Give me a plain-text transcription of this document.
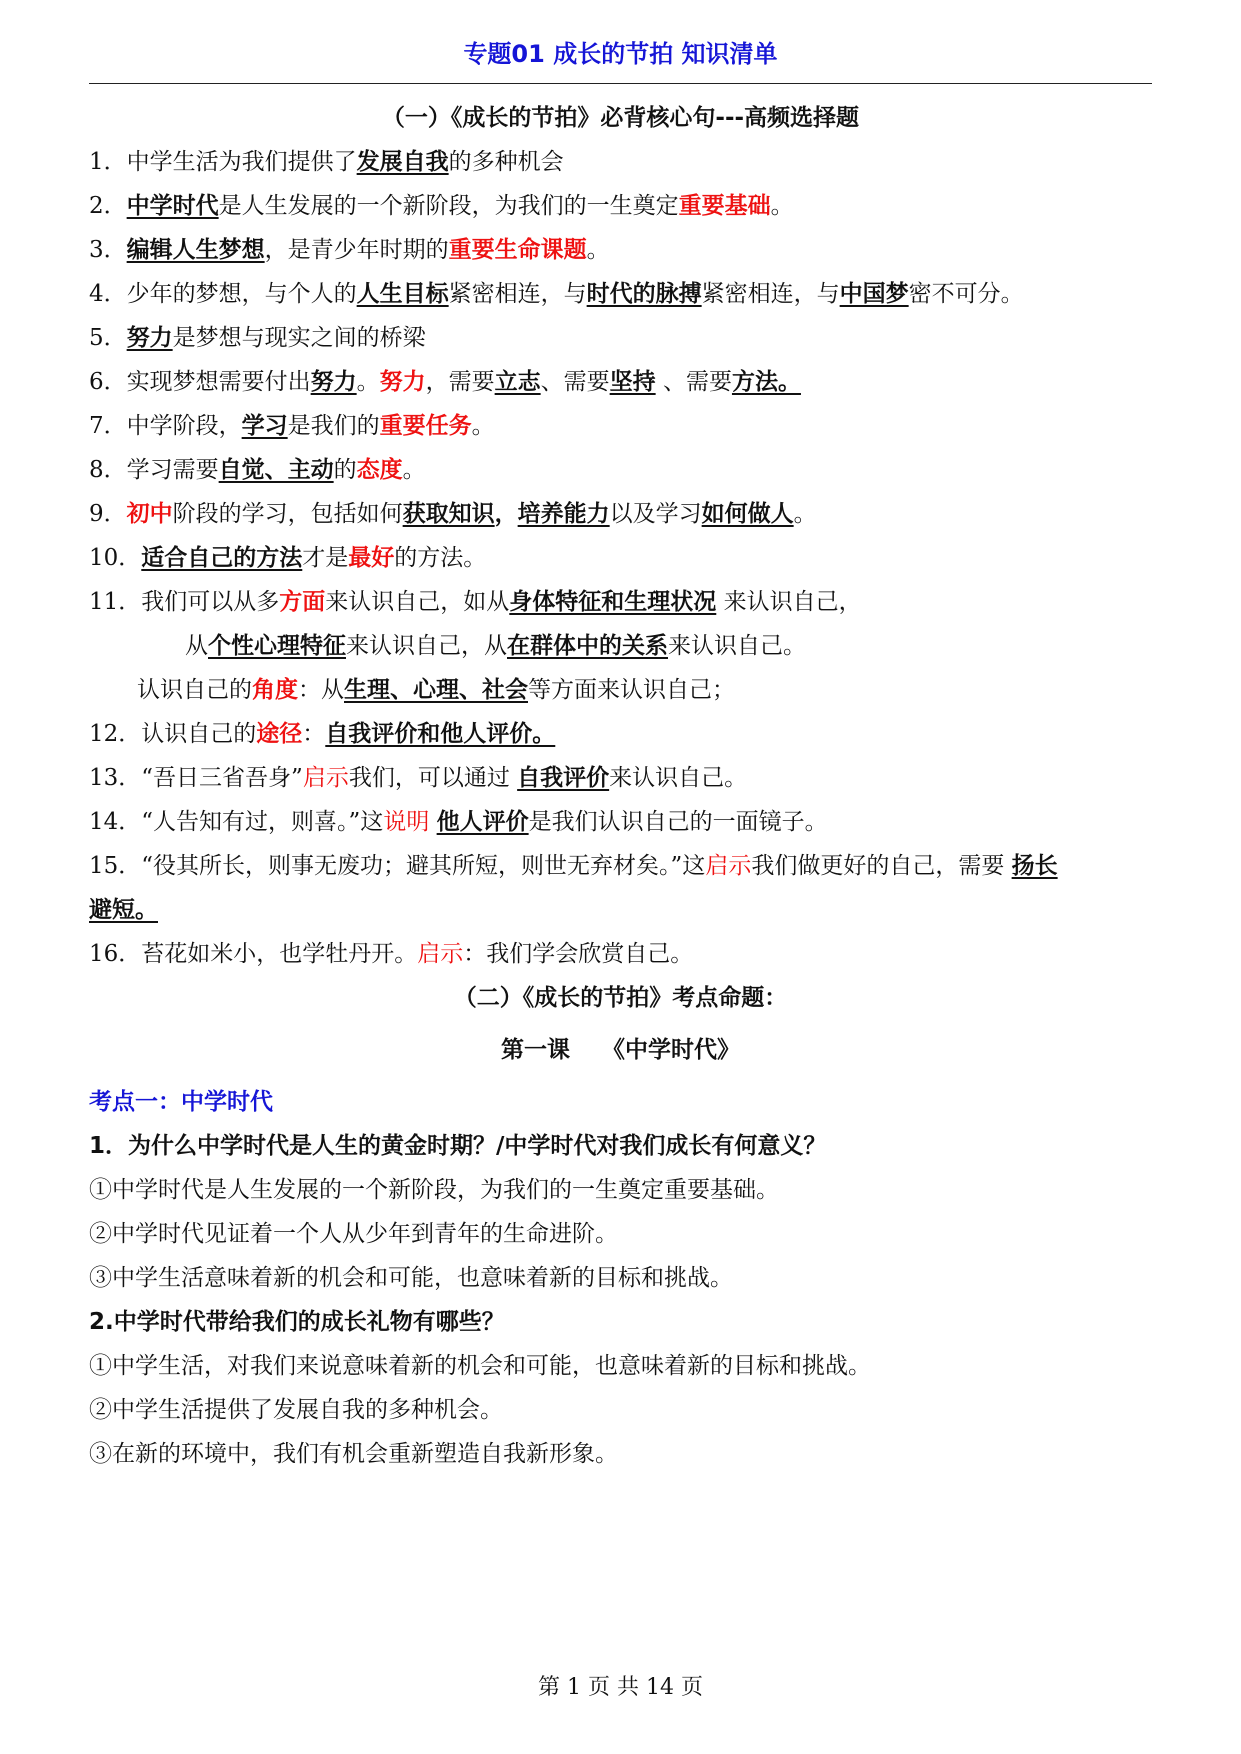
专题01 成长的节拍 知识清单
（一）《成长的节拍》必背核心句---高频选择题
1．中学生活为我们提供了发展自我的多种机会
2．中学时代是人生发展的一个新阶段，为我们的一生奠定重要基础。
3．编辑人生梦想，是青少年时期的重要生命课题。
4．少年的梦想，与个人的人生目标紧密相连，与时代的脉搏紧密相连，与中国梦密不可分。
5．努力是梦想与现实之间的桥梁
6．实现梦想需要付出努力。努力，需要立志、需要坚持 、需要方法。
7．中学阶段，学习是我们的重要任务。
8．学习需要自觉、主动的态度。
9．初中阶段的学习，包括如何获取知识，培养能力以及学习如何做人。
10．适合自己的方法才是最好的方法。
11．我们可以从多方面来认识自己，如从身体特征和生理状况 来认识自己，
从个性心理特征来认识自己，从在群体中的关系来认识自己。
认识自己的角度：从生理、心理、社会等方面来认识自己；
12．认识自己的途径：自我评价和他人评价。
13．“吾日三省吾身”启示我们，可以通过 自我评价来认识自己。
14．“人告知有过，则喜。”这说明 他人评价是我们认识自己的一面镜子。
15．“役其所长，则事无废功；避其所短，则世无弃材矣。”这启示我们做更好的自己，需要 扬长
避短。
16．苔花如米小，也学牡丹开。启示：我们学会欣赏自己。
（二）《成长的节拍》考点命题：
第一课    《中学时代》
考点一：中学时代
1．为什么中学时代是人生的黄金时期？/中学时代对我们成长有何意义？
①中学时代是人生发展的一个新阶段，为我们的一生奠定重要基础。
②中学时代见证着一个人从少年到青年的生命进阶。
③中学生活意味着新的机会和可能，也意味着新的目标和挑战。
2.中学时代带给我们的成长礼物有哪些？
①中学生活，对我们来说意味着新的机会和可能，也意味着新的目标和挑战。
②中学生活提供了发展自我的多种机会。
③在新的环境中，我们有机会重新塑造自我新形象。
第 1 页 共 14 页
